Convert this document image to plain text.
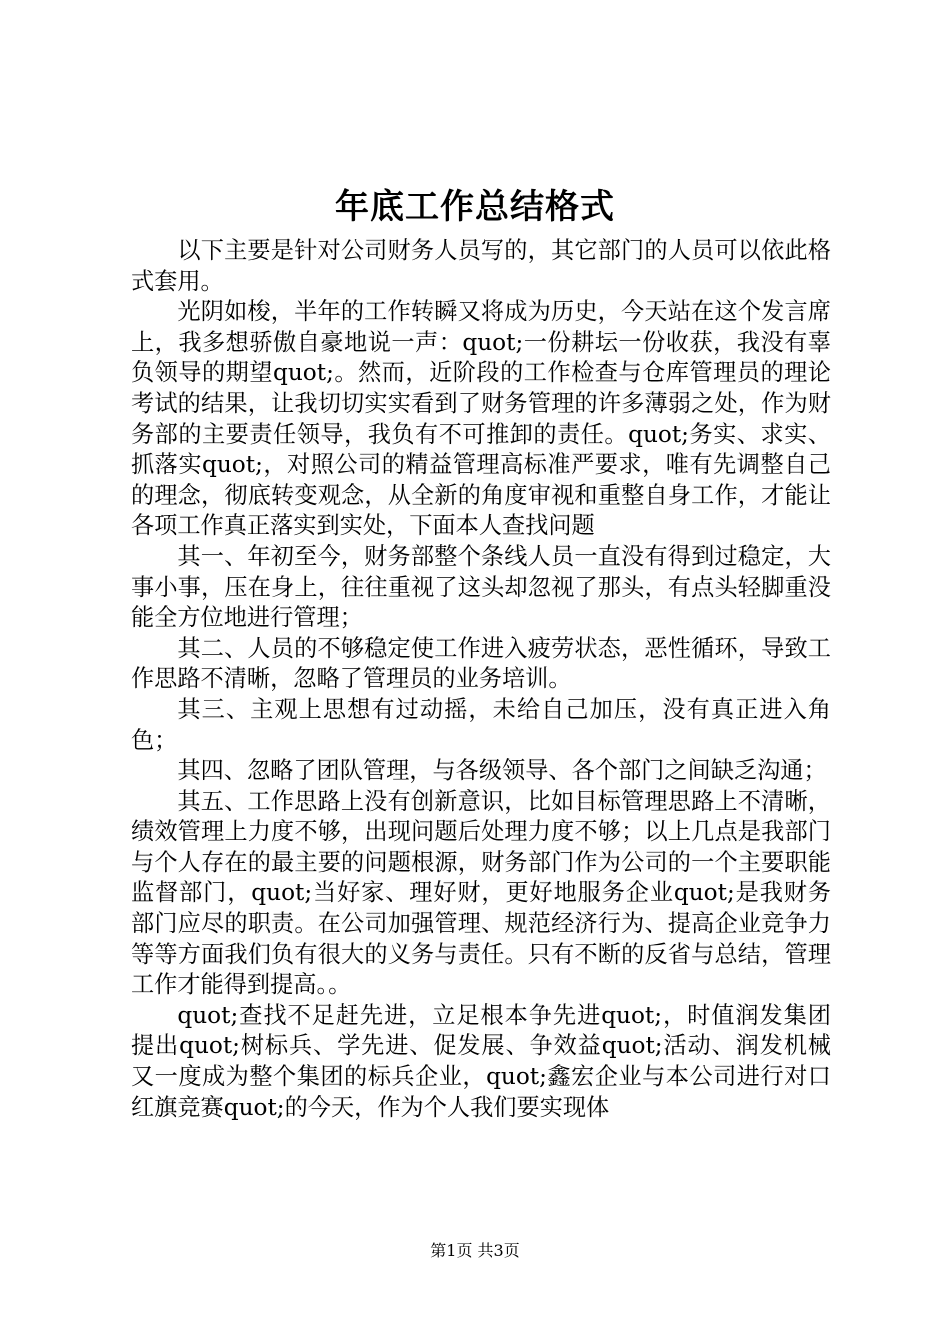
年底工作总结格式

以下主要是针对公司财务人员写的，其它部门的人员可以依此格式套用。

光阴如梭，半年的工作转瞬又将成为历史，今天站在这个发言席上，我多想骄傲自豪地说一声：quot;一份耕坛一份收获，我没有辜负领导的期望quot;。然而，近阶段的工作检查与仓库管理员的理论考试的结果，让我切切实实看到了财务管理的许多薄弱之处，作为财务部的主要责任领导，我负有不可推卸的责任。quot;务实、求实、抓落实quot;，对照公司的精益管理高标准严要求，唯有先调整自己的理念，彻底转变观念，从全新的角度审视和重整自身工作，才能让各项工作真正落实到实处，下面本人查找问题

其一、年初至今，财务部整个条线人员一直没有得到过稳定，大事小事，压在身上，往往重视了这头却忽视了那头，有点头轻脚重没能全方位地进行管理；

其二、人员的不够稳定使工作进入疲劳状态，恶性循环，导致工作思路不清晰，忽略了管理员的业务培训。

其三、主观上思想有过动摇，未给自己加压，没有真正进入角色；

其四、忽略了团队管理，与各级领导、各个部门之间缺乏沟通；

其五、工作思路上没有创新意识，比如目标管理思路上不清晰，绩效管理上力度不够，出现问题后处理力度不够；以上几点是我部门与个人存在的最主要的问题根源，财务部门作为公司的一个主要职能监督部门，quot;当好家、理好财，更好地服务企业quot;是我财务部门应尽的职责。在公司加强管理、规范经济行为、提高企业竞争力等等方面我们负有很大的义务与责任。只有不断的反省与总结，管理工作才能得到提高。。

quot;查找不足赶先进，立足根本争先进quot;，时值润发集团提出quot;树标兵、学先进、促发展、争效益quot;活动、润发机械又一度成为整个集团的标兵企业，quot;鑫宏企业与本公司进行对口红旗竞赛quot;的今天，作为个人我们要实现体

第1页 共3页
